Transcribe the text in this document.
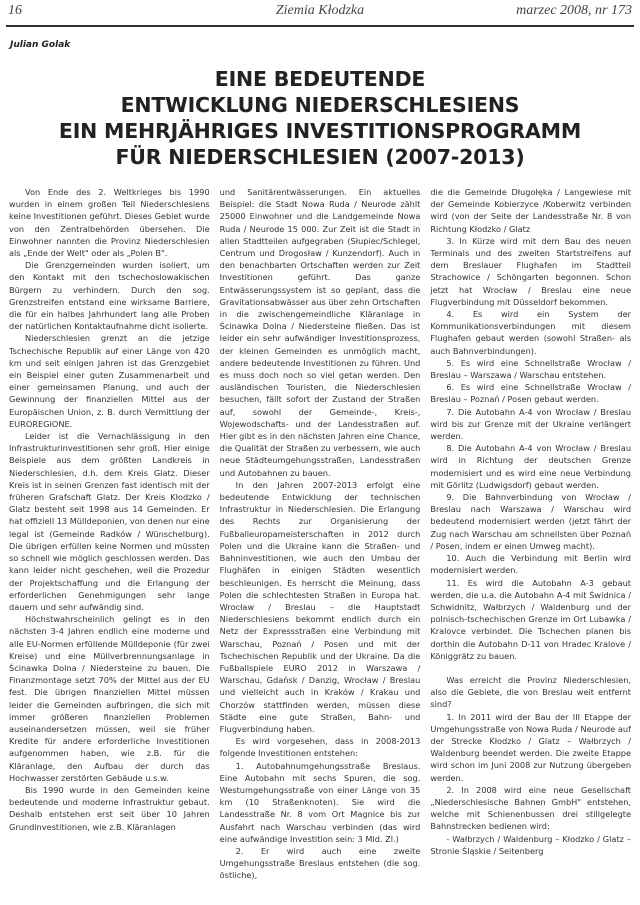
16	Ziemia Kłodzka	marzec 2008, nr 173
Julian Golak
EINE BEDEUTENDE
ENTWICKLUNG NIEDERSCHLESIENS
EIN MEHRJÄHRIGES INVESTITIONSPROGRAMM
FÜR NIEDERSCHLESIEN (2007-2013)

Von Ende des 2. Weltkrieges bis 1990 wurden in einem großen Teil Niederschlesiens keine Investitionen geführt. Dieses Gebiet wurde von den Zentralbehörden übersehen. Die Einwohner nannten die Provinz Niederschlesien als „Ende der Welt" oder als „Polen B".

Die Grenzgemeinden wurden isoliert, um den Kontakt mit den tschechoslowakischen Bürgern zu verhindern. Durch den sog. Grenzstreifen entstand eine wirksame Barriere, die für ein halbes Jahrhundert lang alle Proben der natürlichen Kontaktaufnahme dicht isolierte.

Niederschlesien grenzt an die jetzige Tschechische Republik auf einer Länge von 420 km und seit einigen Jahren ist das Grenzgebiet ein Beispiel einer guten Zusammenarbeit und einer gemeinsamen Planung, und auch der Gewinnung der finanziellen Mittel aus der Europäischen Union, z. B. durch Vermittlung der EUROREGIONE.

Leider ist die Vernachlässigung in den Infrastrukturinvestitionen sehr groß. Hier einige Beispiele aus dem größten Landkreis in Niederschlesien, d.h. dem Kreis Glatz. Dieser Kreis ist in seinen Grenzen fast identisch mit der früheren Grafschaft Glatz. Der Kreis Kłodzko / Glatz besteht seit 1998 aus 14 Gemeinden. Er hat offiziell 13 Mülldeponien, von denen nur eine legal ist (Gemeinde Radków / Wünschelburg). Die übrigen erfüllen keine Normen und müssten so schnell wie möglich geschlossen werden. Das kann leider nicht geschehen, weil die Prozedur der Projektschaffung und die Erlangung der erforderlichen Genehmigungen sehr lange dauern und sehr aufwändig sind.

Höchstwahrscheinlich gelingt es in den nächsten 3-4 Jahren endlich eine moderne und alle EU-Normen erfüllende Mülldeponie (für zwei Kreise) und eine Müllverbrennungsanlage in Ścinawka Dolna / Niedersteine zu bauen. Die Finanzmontage setzt 70% der Mittel aus der EU fest. Die übrigen finanziellen Mittel müssen leider die Gemeinden aufbringen, die sich mit immer größeren finanziellen Problemen auseinandersetzen müssen, weil sie früher Kredite für andere erforderliche Investitionen aufgenommen haben, wie z.B. für die Kläranlage, den Aufbau der durch das Hochwasser zerstörten Gebäude u.s.w.

Bis 1990 wurde in den Gemeinden keine bedeutende und moderne Infrastruktur gebaut. Deshalb entstehen erst seit über 10 Jahren Grundinvestitionen, wie z.B. Kläranlagen

und Sanitärentwässerungen. Ein aktuelles Beispiel: die Stadt Nowa Ruda / Neurode zählt 25000 Einwohner und die Landgemeinde Nowa Ruda / Neurode 15 000. Zur Zeit ist die Stadt in allen Stadtteilen aufgegraben (Słupiec/Schlegel, Centrum und Drogosław / Kunzendorf). Auch in den benachbarten Ortschaften werden zur Zeit Investitionen geführt. Das ganze Entwässerungssystem ist so geplant, dass die Gravitationsabwässer aus über zehn Ortschaften in die zwischengemeindliche Kläranlage in Ścinawka Dolna / Niedersteine fließen. Das ist leider ein sehr aufwändiger Investitionsprozess, der kleinen Gemeinden es unmöglich macht, andere bedeutende Investitionen zu führen. Und es muss doch noch so viel getan werden. Den ausländischen Touristen, die Niederschlesien besuchen, fällt sofort der Zustand der Straßen auf, sowohl der Gemeinde-, Kreis-, Wojewodschafts- und der Landesstraßen auf. Hier gibt es in den nächsten Jahren eine Chance, die Qualität der Straßen zu verbessern, wie auch neue Städteumgehungsstraßen, Landesstraßen und Autobahnen zu bauen.

In den Jahren 2007-2013 erfolgt eine bedeutende Entwicklung der technischen Infrastruktur in Niederschlesien. Die Erlangung des Rechts zur Organisierung der Fußballeuropameisterschaften in 2012 durch Polen und die Ukraine kann die Straßen- und Bahninvestitionen, wie auch den Umbau der Flughäfen in einigen Städten wesentlich beschleunigen. Es herrscht die Meinung, dass Polen die schlechtesten Straßen in Europa hat. Wrocław / Breslau – die Hauptstadt Niederschlesiens bekommt endlich durch ein Netz der Expressstraßen eine Verbindung mit Warschau, Poznań / Posen und mit der Tschechischen Republik und der Ukraine. Da die Fußballspiele EURO 2012 in Warszawa / Warschau, Gdańsk / Danzig, Wrocław / Breslau und vielleicht auch in Kraków / Krakau und Chorzów stattfinden werden, müssen diese Städte eine gute Straßen, Bahn- und Flugverbindung haben.

Es wird vorgesehen, dass in 2008-2013 folgende Investitionen entstehen:

1. Autobahnumgehungsstraße Breslaus. Eine Autobahn mit sechs Spuren, die sog. Westumgehungsstraße von einer Länge von 35 km (10 Straßenknoten). Sie wird die Landesstraße Nr. 8 vom Ort Magnice bis zur Ausfahrt nach Warschau verbinden (das wird eine aufwändige Investition sein: 3 Mld. Zl.)

2. Er wird auch eine zweite Umgehungsstraße Breslaus entstehen (die sog. östliche),

die die Gemeinde Długołęka / Langewiese mit der Gemeinde Kobierzyce /Koberwitz verbinden wird (von der Seite der Landesstraße Nr. 8 von Richtung Kłodzko / Glatz

3. In Kürze wird mit dem Bau des neuen Terminals und des zweiten Startstreifens auf dem Breslauer Flughafen im Stadtteil Strachowice / Schöngarten begonnen. Schon jetzt hat Wrocław / Breslau eine neue Flugverbindung mit Düsseldorf bekommen.

4. Es wird ein System der Kommunikationsverbindungen mit diesem Flughafen gebaut werden (sowohl Straßen- als auch Bahnverbindungen).

5. Es wird eine Schnellstraße Wrocław / Breslau – Warszawa / Warschau entstehen.

6. Es wird eine Schnellstraße Wrocław / Breslau – Poznań / Posen gebaut werden.

7. Die Autobahn A-4 von Wrocław / Breslau wird bis zur Grenze mit der Ukraine verlängert werden.

8. Die Autobahn A-4 von Wrocław / Breslau wird in Richtung der deutschen Grenze modernisiert und es wird eine neue Verbindung mit Görlitz (Ludwigsdorf) gebaut werden.

9. Die Bahnverbindung von Wrocław / Breslau nach Warszawa / Warschau wird bedeutend modernisiert werden (jetzt fährt der Zug nach Warschau am schnellsten über Poznań / Posen, indem er einen Umweg macht).

10. Auch die Verbindung mit Berlin wird modernisiert werden.

11. Es wird die Autobahn A-3 gebaut werden, die u.a. die Autobahn A-4 mit Świdnica / Schwidnitz, Wałbrzych / Waldenburg und der polnisch-tschechischen Grenze im Ort Lubawka / Kralovce verbindet. Die Tschechen planen bis dorthin die Autobahn D-11 von Hradec Kralove / Königgrätz zu bauen.

Was erreicht die Provinz Niederschlesien, also die Gebiete, die von Breslau weit entfernt sind?

1. In 2011 wird der Bau der III Etappe der Umgehungsstraße von Nowa Ruda / Neurode auf der Strecke Kłodzko / Glatz – Wałbrzych / Waldenburg beendet werden. Die zweite Etappe wird schon im Juni 2008 zur Nutzung übergeben werden.

2. In 2008 wird eine neue Gesellschaft „Niederschlesische Bahnen GmbH" entstehen, welche mit Schienenbussen drei stillgelegte Bahnstrecken bedienen wird:

- Wałbrzych / Waldenburg – Kłodzko / Glatz – Stronie Śląskie / Seitenberg
